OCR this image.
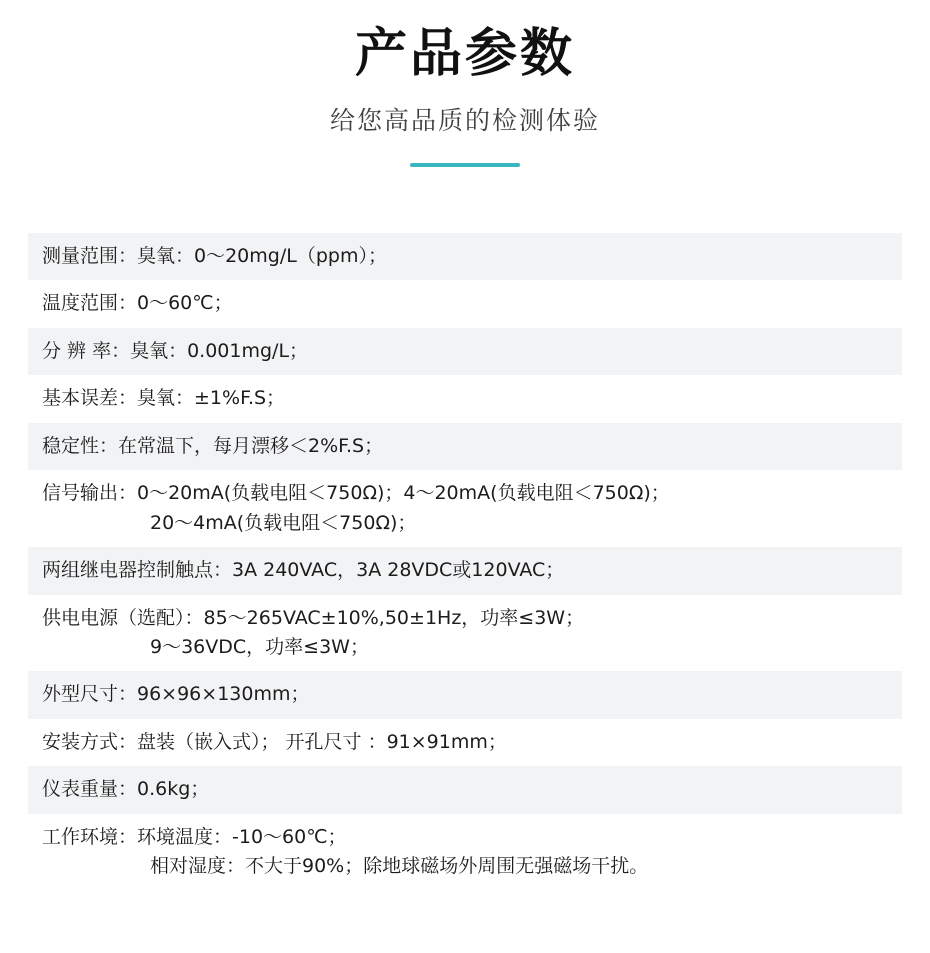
产品参数
给您高品质的检测体验
测量范围：臭氧：0～20mg/L（ppm）；
温度范围：0～60℃；
分 辨 率：臭氧：0.001mg/L；
基本误差：臭氧：±1%F.S；
稳定性：在常温下，每月漂移＜2%F.S；
信号输出：0～20mA(负载电阻＜750Ω)；4～20mA(负载电阻＜750Ω)；
20～4mA(负载电阻＜750Ω)；
两组继电器控制触点：3A 240VAC，3A 28VDC或120VAC；
供电电源（选配）：85～265VAC±10%,50±1Hz，功率≤3W；
9～36VDC，功率≤3W；
外型尺寸：96×96×130mm；
安装方式：盘装（嵌入式）； 开孔尺寸 ：91×91mm；
仪表重量：0.6kg；
工作环境：环境温度：-10～60℃；
相对湿度：不大于90%；除地球磁场外周围无强磁场干扰。
